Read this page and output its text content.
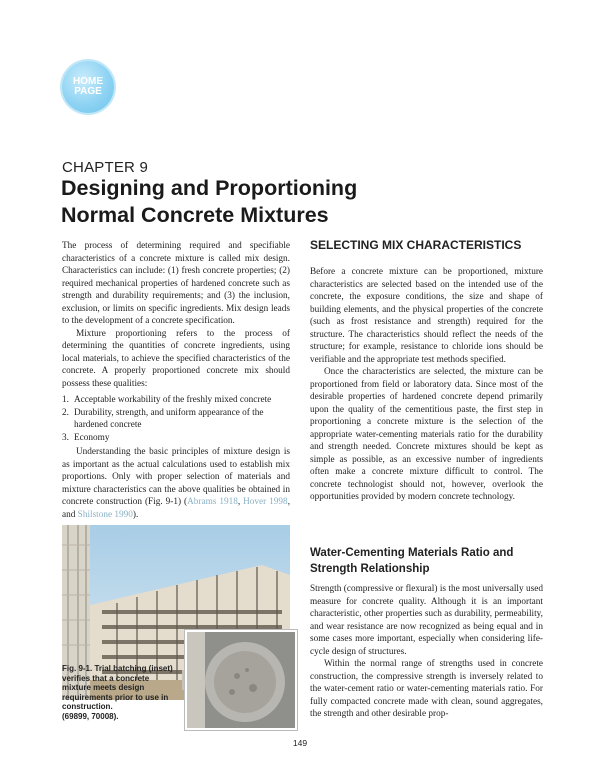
HOME
PAGE
CHAPTER 9
Designing and Proportioning
Normal Concrete Mixtures

The process of determining required and specifiable characteristics of a concrete mixture is called mix design. Characteristics can include: (1) fresh concrete properties; (2) required mechanical properties of hardened concrete such as strength and durability requirements; and (3) the inclusion, exclusion, or limits on specific ingredients. Mix design leads to the development of a concrete specification.

Mixture proportioning refers to the process of determining the quantities of concrete ingredients, using local materials, to achieve the specified characteristics of the concrete. A properly proportioned concrete mix should possess these qualities:

1. Acceptable workability of the freshly mixed concrete
2. Durability, strength, and uniform appearance of the hardened concrete
3. Economy

Understanding the basic principles of mixture design is as important as the actual calculations used to establish mix proportions. Only with proper selection of materials and mixture characteristics can the above qualities be obtained in concrete construction (Fig. 9-1) (Abrams 1918, Hover 1998, and Shilstone 1990).

Fig. 9-1. Trial batching (inset) verifies that a concrete mixture meets design requirements prior to use in construction.
(69899, 70008).
SELECTING MIX CHARACTERISTICS

Before a concrete mixture can be proportioned, mixture characteristics are selected based on the intended use of the concrete, the exposure conditions, the size and shape of building elements, and the physical properties of the concrete (such as frost resistance and strength) required for the structure. The characteristics should reflect the needs of the structure; for example, resistance to chloride ions should be verifiable and the appropriate test methods specified.

Once the characteristics are selected, the mixture can be proportioned from field or laboratory data. Since most of the desirable properties of hardened concrete depend primarily upon the quality of the cementitious paste, the first step in proportioning a concrete mixture is the selection of the appropriate water-cementing materials ratio for the durability and strength needed. Concrete mixtures should be kept as simple as possible, as an excessive number of ingredients often make a concrete mixture difficult to control. The concrete technologist should not, however, overlook the opportunities provided by modern concrete technology.

Water-Cementing Materials Ratio and Strength Relationship

Strength (compressive or flexural) is the most universally used measure for concrete quality. Although it is an important characteristic, other properties such as durability, permeability, and wear resistance are now recognized as being equal and in some cases more important, especially when considering life-cycle design of structures.

Within the normal range of strengths used in concrete construction, the compressive strength is inversely related to the water-cement ratio or water-cementing materials ratio. For fully compacted concrete made with clean, sound aggregates, the strength and other desirable prop-

149
